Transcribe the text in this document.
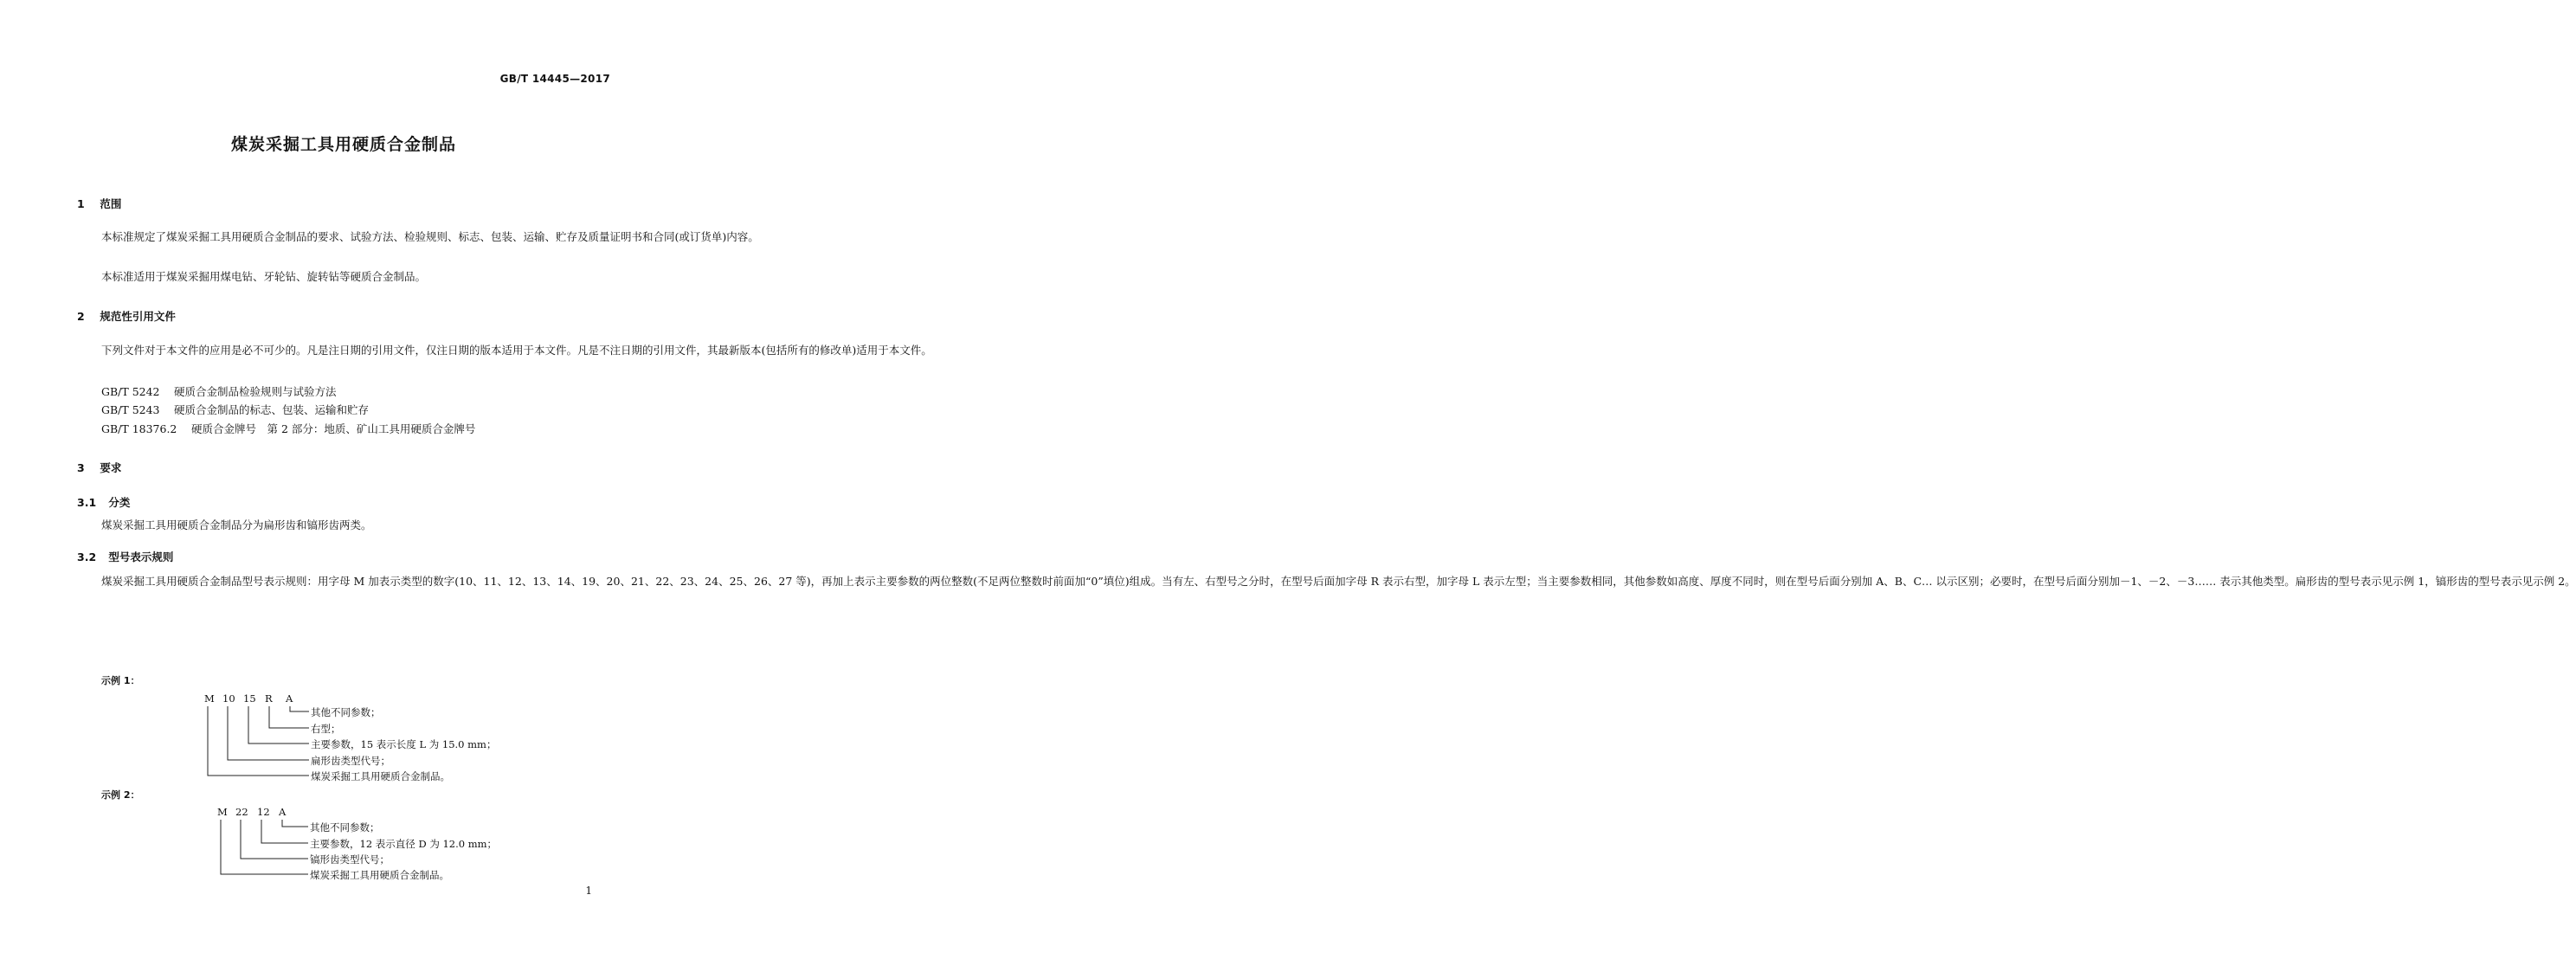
GB/T 14445—2017
煤炭采掘工具用硬质合金制品
1 范围
本标准规定了煤炭采掘工具用硬质合金制品的要求、试验方法、检验规则、标志、包装、运输、贮存及质量证明书和合同(或订货单)内容。
本标准适用于煤炭采掘用煤电钻、牙轮钻、旋转钻等硬质合金制品。
2 规范性引用文件
下列文件对于本文件的应用是必不可少的。凡是注日期的引用文件，仅注日期的版本适用于本文件。凡是不注日期的引用文件，其最新版本(包括所有的修改单)适用于本文件。
GB/T 5242 硬质合金制品检验规则与试验方法
GB/T 5243 硬质合金制品的标志、包装、运输和贮存
GB/T 18376.2 硬质合金牌号　第 2 部分：地质、矿山工具用硬质合金牌号
3 要求
3.1 分类
煤炭采掘工具用硬质合金制品分为扁形齿和镐形齿两类。
3.2 型号表示规则
煤炭采掘工具用硬质合金制品型号表示规则：用字母 M 加表示类型的数字(10、11、12、13、14、19、20、21、22、23、24、25、26、27 等)，再加上表示主要参数的两位整数(不足两位整数时前面加“0”填位)组成。当有左、右型号之分时，在型号后面加字母 R 表示右型，加字母 L 表示左型；当主要参数相同，其他参数如高度、厚度不同时，则在型号后面分别加 A、B、C… 以示区别；必要时，在型号后面分别加－1、－2、－3…… 表示其他类型。扁形齿的型号表示见示例 1，镐形齿的型号表示见示例 2。
示例 1：
M 10 15 R A
其他不同参数；
右型；
主要参数，15 表示长度 L 为 15.0 mm；
扁形齿类型代号；
煤炭采掘工具用硬质合金制品。
示例 2：
M 22 12 A
其他不同参数；
主要参数，12 表示直径 D 为 12.0 mm；
镐形齿类型代号；
煤炭采掘工具用硬质合金制品。
1
